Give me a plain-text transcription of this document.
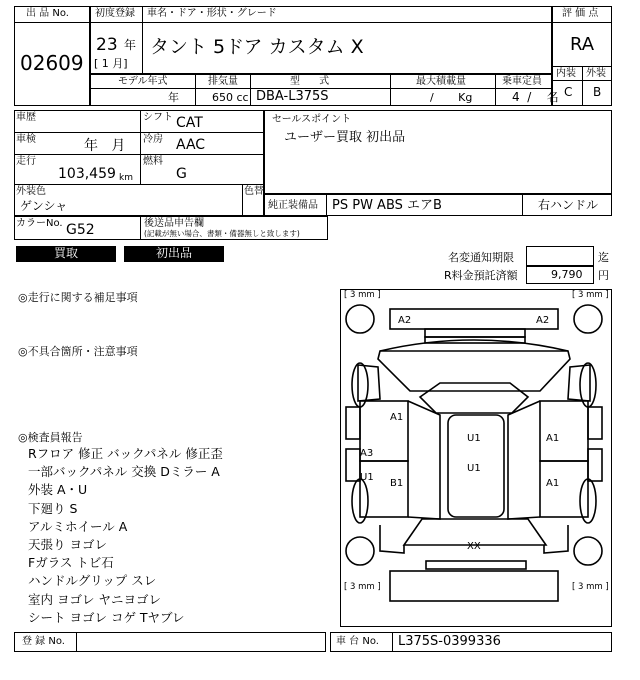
出 品 No.
02609
初度登録
23 年
[ 1 月]
車名・ドア・形状・グレード
タント 5ドア カスタム X
評 価 点
RA
内装 外装
C B
モデル年式
年
排気量
650 cc
型      式
DBA-L375S
最大積載量
/       Kg
乗車定員
4  /    名
車歴	シフト CAT
車検	年   月 冷房 AAC
走行
103,459 km
燃料
G
外装色
ゲンシャ
色替
カラーNo. G52	後送品申告欄
(記載が無い場合、書類・備器無しと致します)
セールスポイント
ユーザー買取 初出品
純正装備品 PS PW ABS エアB	右ハンドル
買取	初出品	名変通知期限	迄
R料金預託済額	9,790 円
◎走行に関する補足事項
◎不具合箇所・注意事項
◎検査員報告
Rフロア 修正 バックパネル 修正歪
一部バックパネル 交換 Dミラー A
外装 A・U
下廻り S
アルミホイール A
天張り ヨゴレ
Fガラス トビ石
ハンドルグリップ スレ
室内 ヨゴレ ヤニヨゴレ
シート ヨゴレ コゲ Tヤブレ
[ 3 mm ]	[ 3 mm ]
[ 3 mm ]	[ 3 mm ]
A2	A2
A1
A3
U1
B1
U1
U1
A1
A1
XX
登 録 No.	車 台 No. L375S-0399336
